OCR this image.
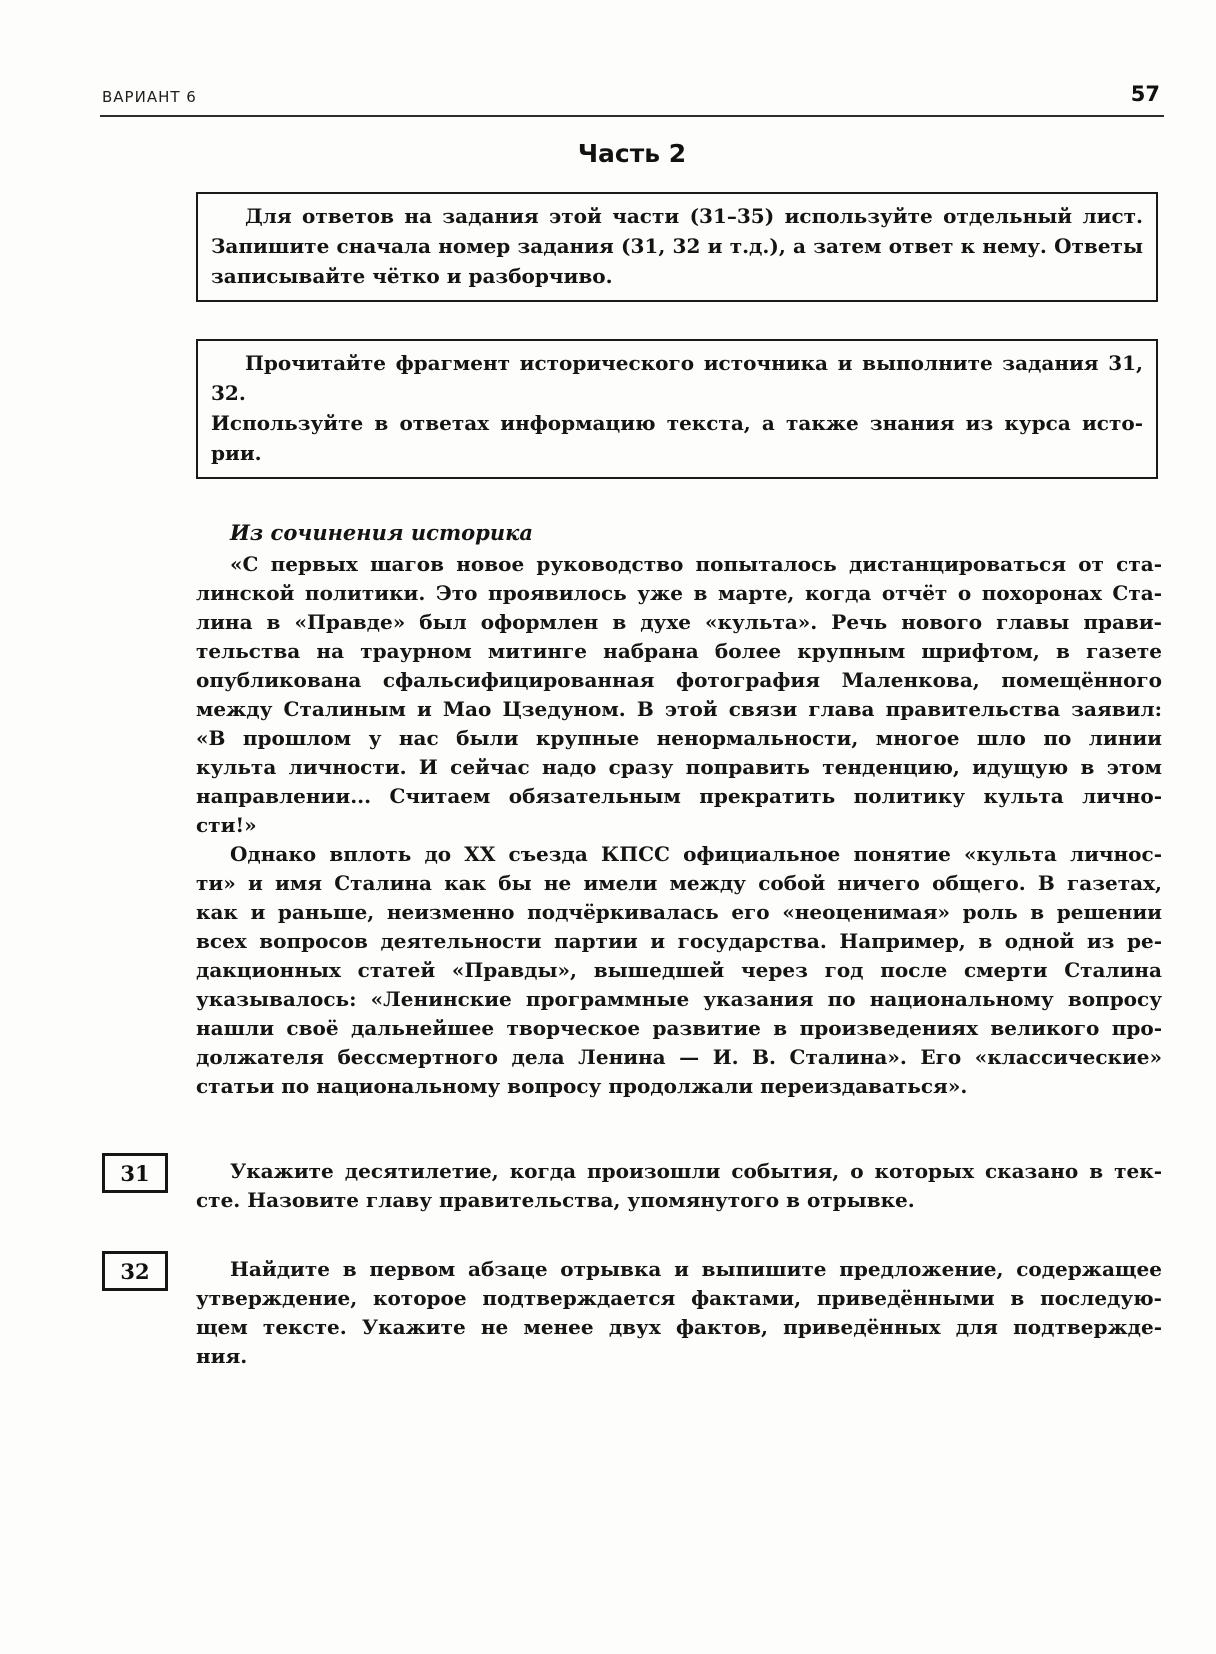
ВАРИАНТ 6	57
Часть 2
Для ответов на задания этой части (31–35) используйте отдельный лист.
Запишите сначала номер задания (31, 32 и т.д.), а затем ответ к нему. Ответы
записывайте чётко и разборчиво.
Прочитайте фрагмент исторического источника и выполните задания 31, 32.
Используйте в ответах информацию текста, а также знания из курса исто-
рии.
Из сочинения историка
«С первых шагов новое руководство попыталось дистанцироваться от ста-
линской политики. Это проявилось уже в марте, когда отчёт о похоронах Ста-
лина в «Правде» был оформлен в духе «культа». Речь нового главы прави-
тельства на траурном митинге набрана более крупным шрифтом, в газете
опубликована сфальсифицированная фотография Маленкова, помещённого
между Сталиным и Мао Цзедуном. В этой связи глава правительства заявил:
«В прошлом у нас были крупные ненормальности, многое шло по линии
культа личности. И сейчас надо сразу поправить тенденцию, идущую в этом
направлении... Считаем обязательным прекратить политику культа лично-
сти!»
Однако вплоть до XX съезда КПСС официальное понятие «культа личнос-
ти» и имя Сталина как бы не имели между собой ничего общего. В газетах,
как и раньше, неизменно подчёркивалась его «неоценимая» роль в решении
всех вопросов деятельности партии и государства. Например, в одной из ре-
дакционных статей «Правды», вышедшей через год после смерти Сталина
указывалось: «Ленинские программные указания по национальному вопросу
нашли своё дальнейшее творческое развитие в произведениях великого про-
должателя бессмертного дела Ленина — И. В. Сталина». Его «классические»
статьи по национальному вопросу продолжали переиздаваться».
31	Укажите десятилетие, когда произошли события, о которых сказано в тек-
сте. Назовите главу правительства, упомянутого в отрывке.
32	Найдите в первом абзаце отрывка и выпишите предложение, содержащее
утверждение, которое подтверждается фактами, приведёнными в последую-
щем тексте. Укажите не менее двух фактов, приведённых для подтвержде-
ния.
